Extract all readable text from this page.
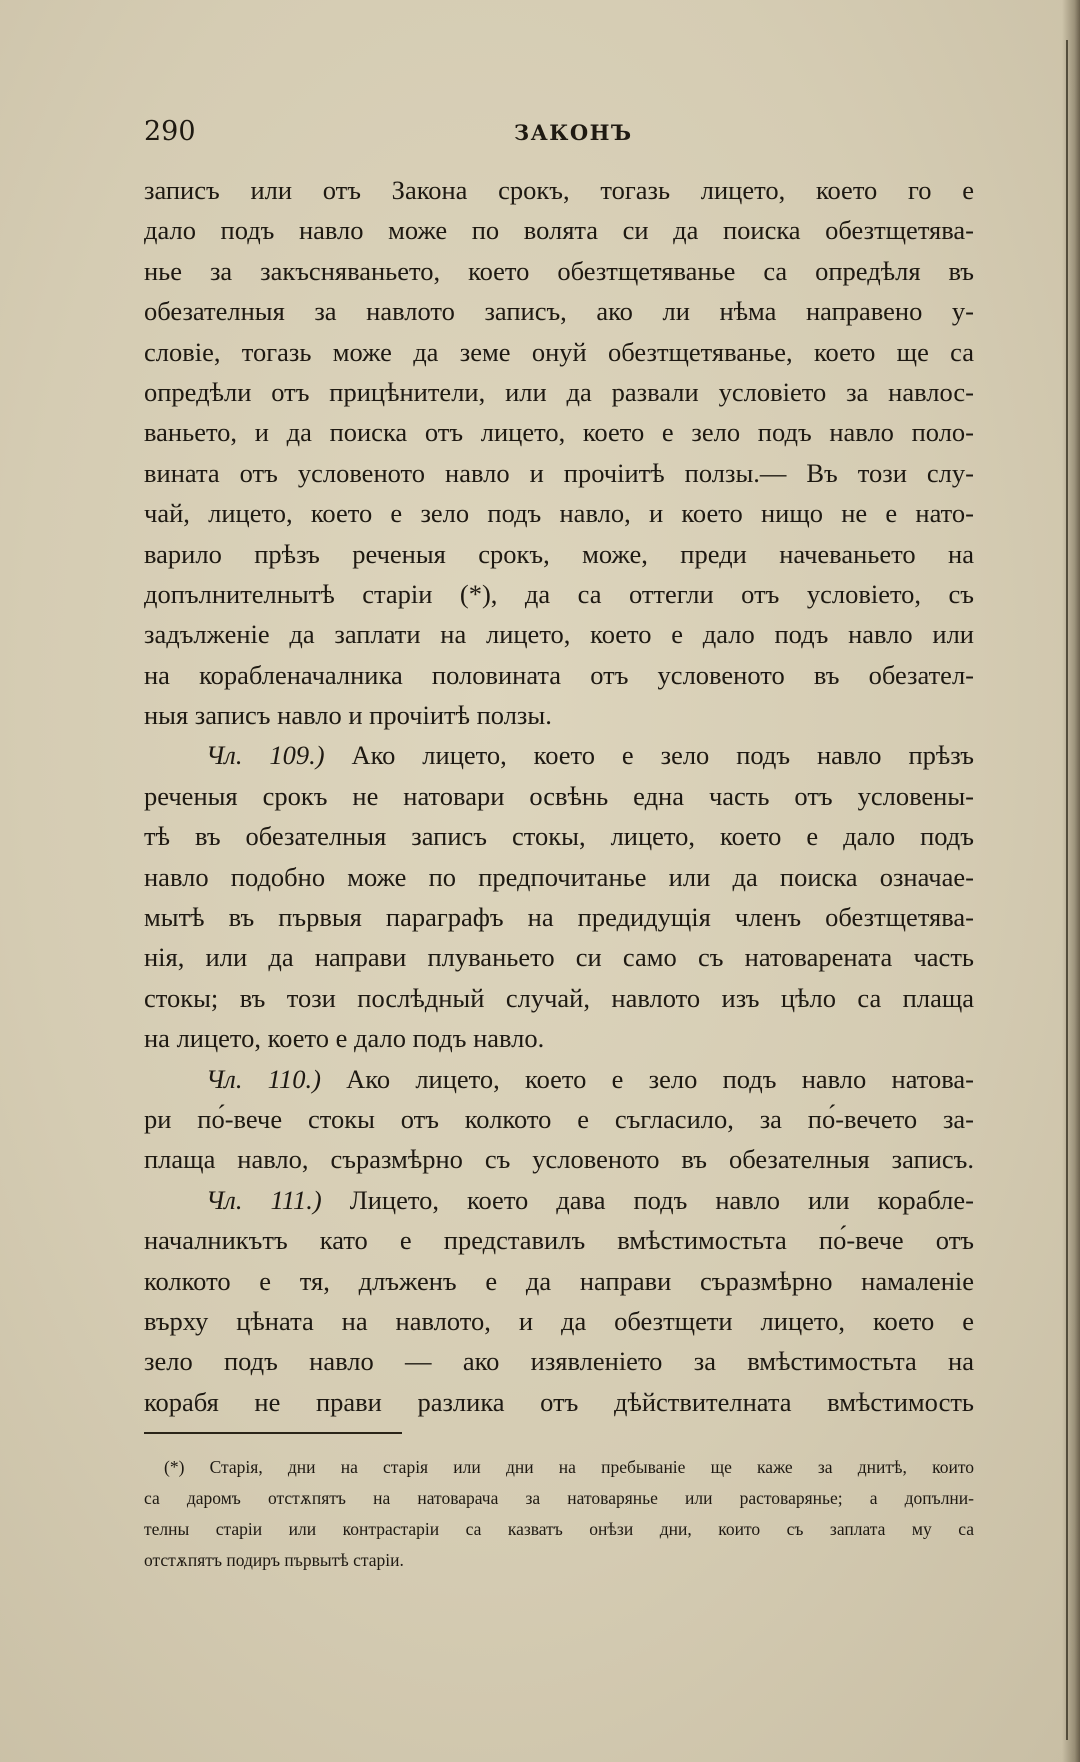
290	ЗАКОНЪ
записъ или отъ Закона срокъ, тогазь лицето, което го е
дало подъ навло може по волята си да поиска обезтщетява-
нье за закъсняваньето, което обезтщетяванье са опредѣля въ
обезателныя за навлото записъ, ако ли нѣма направено у-
словіе, тогазь може да земе онуй обезтщетяванье, което ще са
опредѣли отъ прицѣнители, или да развали условіето за навлос-
ваньето, и да поиска отъ лицето, което е зело подъ навло поло-
вината отъ условеното навло и прочіитѣ ползы.— Въ този слу-
чай, лицето, което е зело подъ навло, и което нищо не е нато-
варило прѣзъ реченыя срокъ, може, преди начеваньето на
допълнителнытѣ старіи (*), да са оттегли отъ условіето, съ
задълженіе да заплати на лицето, което е дало подъ навло или
на корабленачалника половината отъ условеното въ обезател-
ныя записъ навло и прочіитѣ ползы.
Чл. 109.) Ако лицето, което е зело подъ навло прѣзъ
реченыя срокъ не натовари освѣнь една часть отъ условены-
тѣ въ обезателныя записъ стокы, лицето, което е дало подъ
навло подобно може по предпочитанье или да поиска означае-
мытѣ въ първыя параграфъ на предидущія членъ обезтщетява-
нія, или да направи плуваньето си само съ натоварената часть
стокы; въ този послѣдный случай, навлото изъ цѣло са плаща
на лицето, което е дало подъ навло.
Чл. 110.) Ако лицето, което е зело подъ навло натова-
ри по́-вече стокы отъ колкото е съгласило, за по́-вечето за-
плаща навло, съразмѣрно съ условеното въ обезателныя записъ.
Чл. 111.) Лицето, което дава подъ навло или корабле-
началникътъ като е представилъ вмѣстимостьта по́-вече отъ
колкото е тя, длъженъ е да направи съразмѣрно намаленіе
върху цѣната на навлото, и да обезтщети лицето, което е
зело подъ навло — ако изявленіето за вмѣстимостьта на
корабя не прави разлика отъ дѣйствителната вмѣстимость
(*) Старія, дни на старія или дни на пребываніе ще каже за днитѣ, които
са даромъ отстѫпятъ на натоварача за натоварянье или растоварянье; а допълни-
телны старіи или контрастаріи са казватъ онѣзи дни, които съ заплата му са
отстѫпятъ подиръ първытѣ старіи.
